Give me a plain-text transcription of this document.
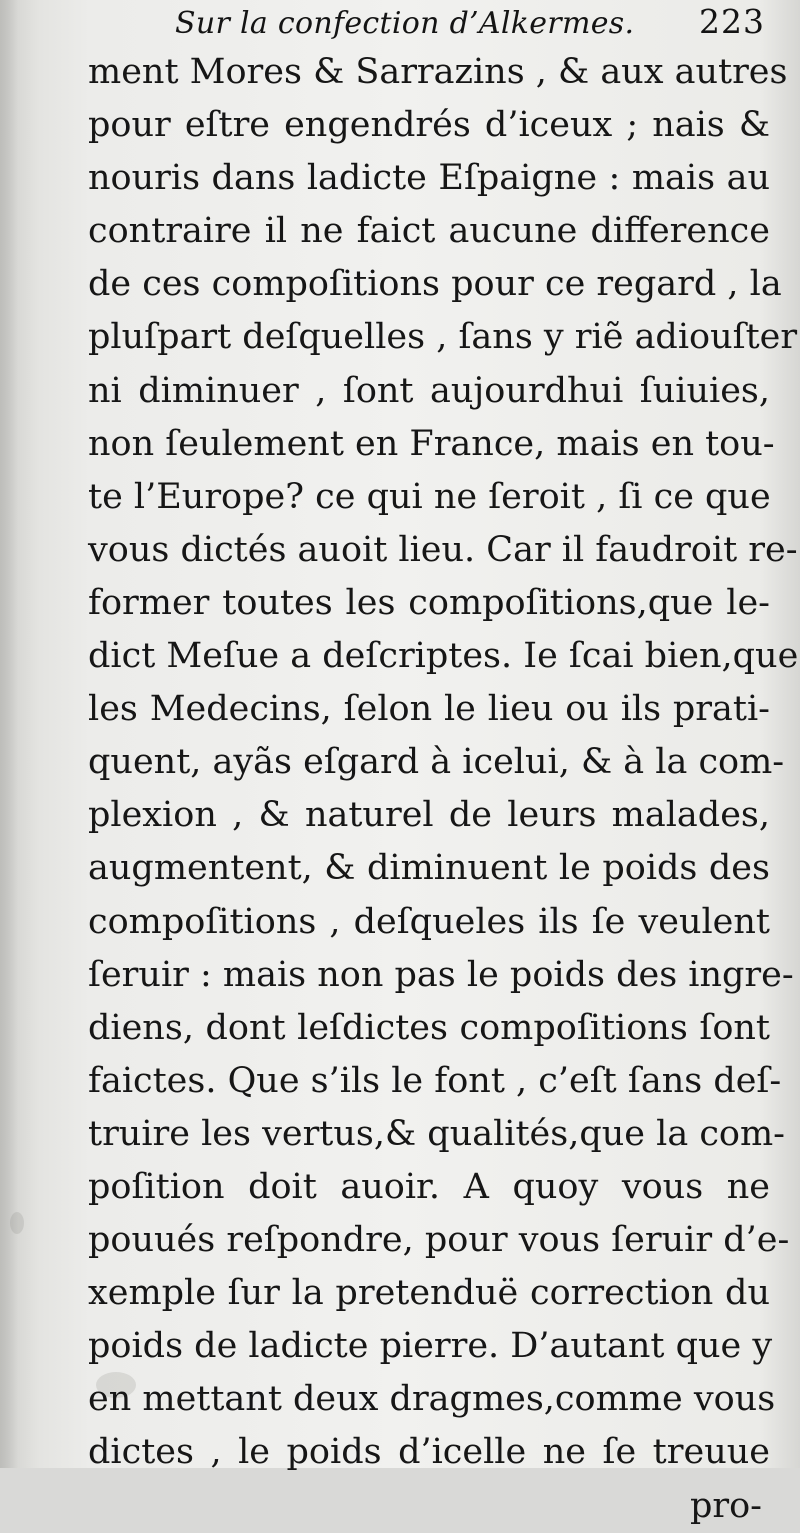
Sur la confection d’Alkermes. 223
ment Mores & Sarrazins , & aux autres
pour eſtre engendrés d’iceux ; nais &
nouris dans ladicte Eſpaigne : mais au
contraire il ne faict aucune difference
de ces compoſitions pour ce regard , la
pluſpart deſquelles , ſans y riẽ adiouſter
ni diminuer , ſont aujourdhui ſuiuies,
non ſeulement en France, mais en tou-
te l’Europe? ce qui ne ſeroit , ſi ce que
vous dictés auoit lieu. Car il faudroit re-
former toutes les compoſitions,que le-
dict Meſue a deſcriptes. Ie ſcai bien,que
les Medecins, ſelon le lieu ou ils prati-
quent, ayãs eſgard à icelui, & à la com-
plexion , & naturel de leurs malades,
augmentent, & diminuent le poids des
compoſitions , deſqueles ils ſe veulent
ſeruir : mais non pas le poids des ingre-
diens, dont leſdictes compoſitions ſont
faictes. Que s’ils le font , c’eſt ſans deſ-
truire les vertus,& qualités,que la com-
poſition doit auoir. A quoy vous ne
pouués reſpondre, pour vous ſeruir d’e-
xemple ſur la pretenduë correction du
poids de ladicte pierre. D’autant que y
en mettant deux dragmes,comme vous
dictes , le poids d’icelle ne ſe treuue
pro-
